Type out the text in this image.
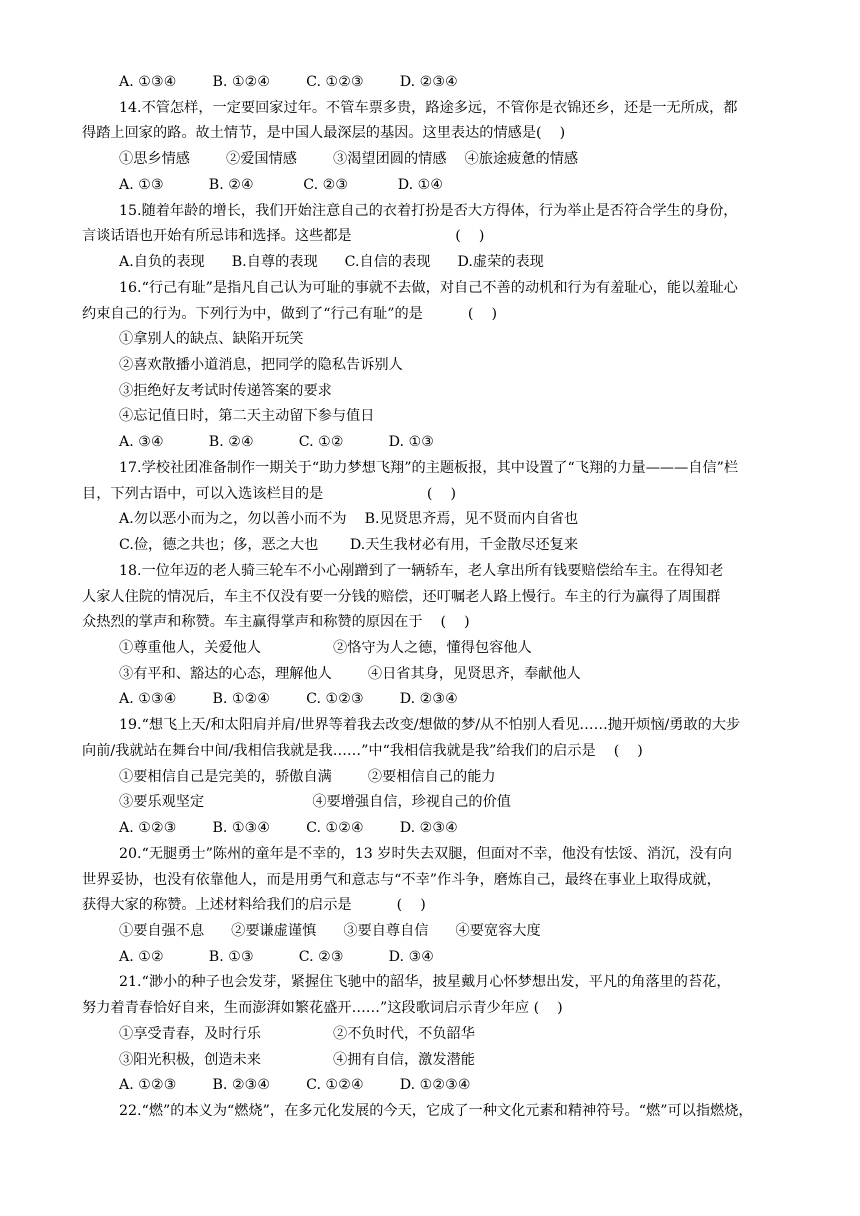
A. ①③④        B. ①②④        C. ①②③        D. ②③④
14.不管怎样，一定要回家过年。不管车票多贵，路途多远，不管你是衣锦还乡，还是一无所成，都
得踏上回家的路。故土情节，是中国人最深层的基因。这里表达的情感是(    )
①思乡情感        ②爱国情感        ③渴望团圆的情感    ④旅途疲惫的情感
A. ①③          B. ②④           C. ②③           D. ①④
15.随着年龄的增长，我们开始注意自己的衣着打扮是否大方得体，行为举止是否符合学生的身份，
言谈话语也开始有所忌讳和选择。这些都是                       (    )
A.自负的表现      B.自尊的表现      C.自信的表现      D.虚荣的表现
16.“行己有耻”是指凡自己认为可耻的事就不去做，对自己不善的动机和行为有羞耻心，能以羞耻心
约束自己的行为。下列行为中，做到了“行己有耻”的是          (    )
①拿别人的缺点、缺陷开玩笑
②喜欢散播小道消息，把同学的隐私告诉别人
③拒绝好友考试时传递答案的要求
④忘记值日时，第二天主动留下参与值日
A. ③④          B. ②④          C. ①②          D. ①③
17.学校社团准备制作一期关于“助力梦想飞翔”的主题板报，其中设置了“飞翔的力量———自信”栏
目，下列古语中，可以入选该栏目的是                       (    )
A.勿以恶小而为之，勿以善小而不为    B.见贤思齐焉，见不贤而内自省也
C.俭，德之共也；侈，恶之大也       D.天生我材必有用，千金散尽还复来
18.一位年迈的老人骑三轮车不小心剐蹭到了一辆轿车，老人拿出所有钱要赔偿给车主。在得知老
人家人住院的情况后，车主不仅没有要一分钱的赔偿，还叮嘱老人路上慢行。车主的行为赢得了周围群
众热烈的掌声和称赞。车主赢得掌声和称赞的原因在于    (    )
①尊重他人，关爱他人                ②恪守为人之德，懂得包容他人
③有平和、豁达的心态，理解他人        ④日省其身，见贤思齐，奉献他人
A. ①③④        B. ①②④        C. ①②③        D. ②③④
19.“想飞上天/和太阳肩并肩/世界等着我去改变/想做的梦/从不怕别人看见……抛开烦恼/勇敢的大步
向前/我就站在舞台中间/我相信我就是我……”中“我相信我就是我”给我们的启示是    (    )
①要相信自己是完美的，骄傲自满        ②要相信自己的能力
③要乐观坚定                        ④要增强自信，珍视自己的价值
A. ①②③        B. ①③④        C. ①②④        D. ②③④
20.“无腿勇士”陈州的童年是不幸的，13 岁时失去双腿，但面对不幸，他没有怯馁、消沉，没有向
世界妥协，也没有依靠他人，而是用勇气和意志与“不幸”作斗争，磨炼自己，最终在事业上取得成就，
获得大家的称赞。上述材料给我们的启示是          (    )
①要自强不息      ②要谦虚谨慎      ③要自尊自信      ④要宽容大度
A. ①②          B. ①③          C. ②③          D. ③④
21.“渺小的种子也会发芽，紧握住飞驰中的韶华，披星戴月心怀梦想出发，平凡的角落里的苔花，
努力着青春恰好自来，生而澎湃如繁花盛开……”这段歌词启示青少年应 (    )
①享受青春，及时行乐                ②不负时代，不负韶华
③阳光积极，创造未来                ④拥有自信，激发潜能
A. ①②③        B. ②③④        C. ①②④        D. ①②③④
22.“燃”的本义为“燃烧”，在多元化发展的今天，它成了一种文化元素和精神符号。“燃”可以指燃烧，
